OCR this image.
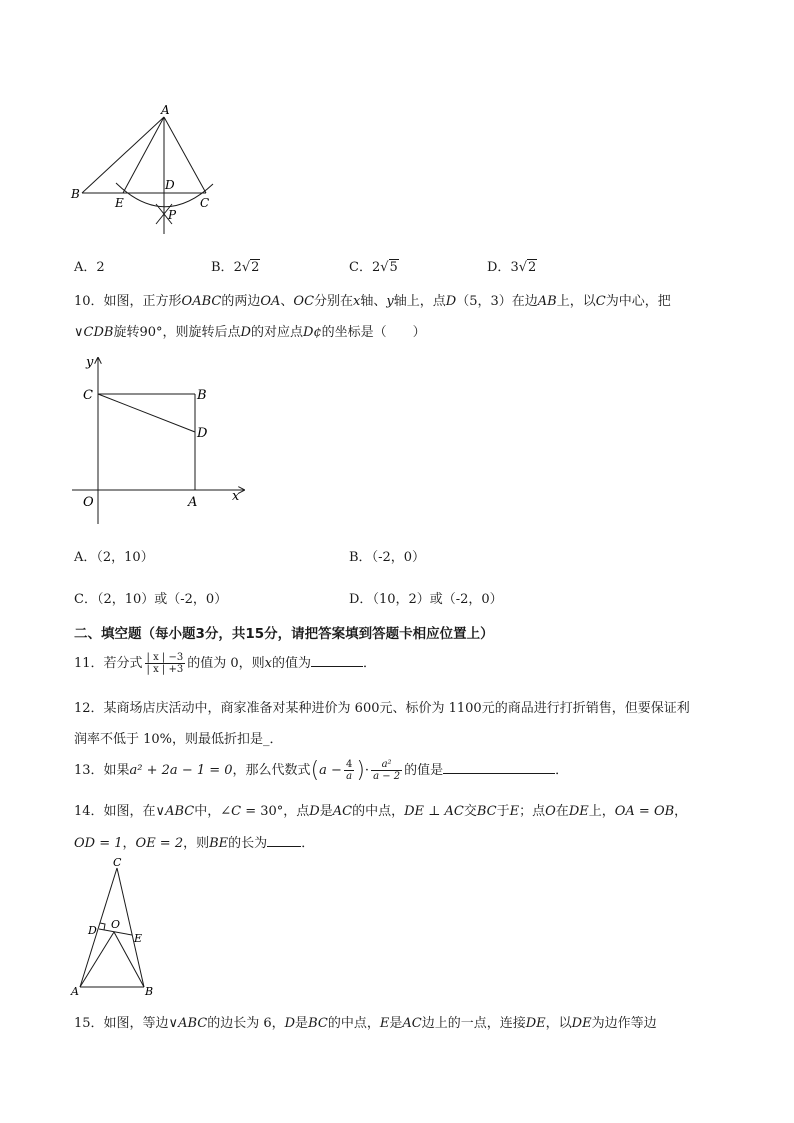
A
B
D
E	C
P
A．2	B．2√2	C．2√5	D．3√2
10．如图，正方形OABC的两边OA、OC分别在x轴、y轴上，点D（5，3）在边AB上，以C为中心，把
∨CDB旋转90°，则旋转后点D的对应点D¢的坐标是（　　）
y
x
C	B
D
O	A
A．（2，10）	B．（-2，0）
C．（2，10）或（-2，0）	D．（10，2）或（-2，0）
二、填空题（每小题3分，共15分，请把答案填到答题卡相应位置上）
11．若分式 $\frac{| x | -3}{| x | +3}$ 的值为 0，则x的值为	．
12．某商场店庆活动中，商家准备对某种进价为 600元、标价为 1100元的商品进行打折销售，但要保证利
润率不低于 10%，则最低折扣是_．
13．如果a² + 2a − 1 = 0，那么代数式($a - \frac{4}{a}$ )· $\frac{\text{a²}}{a - 2}$ 的值是	．
14．如图，在∨ABC中，∠C = 30°，点D是AC的中点，DE ⊥ AC交BC于E；点O在DE上，OA = OB，
OD = 1，OE = 2，则BE的长为	．
C
D O
E
A	B
15．如图，等边∨ABC的边长为 6，D是BC的中点，E是AC边上的一点，连接DE，以DE为边作等边
